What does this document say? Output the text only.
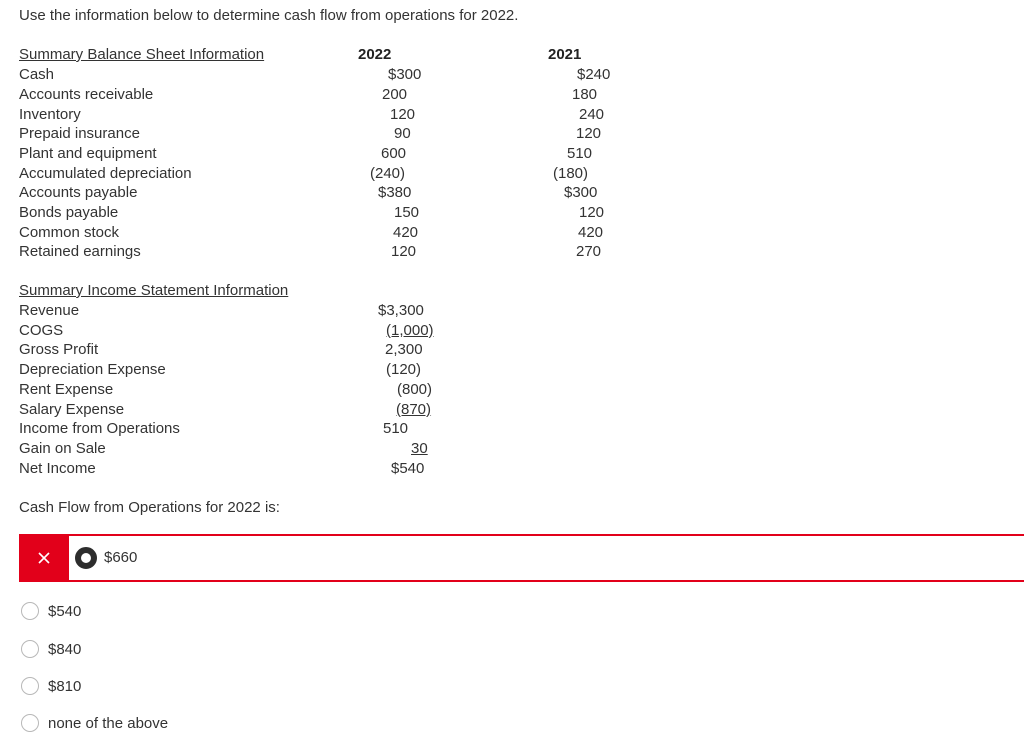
Use the information below to determine cash flow from operations for 2022.
Summary Balance Sheet Information	2022	2021
Cash	$300	$240
Accounts receivable	200	180
Inventory	120	240
Prepaid insurance	90	120
Plant and equipment	600	510
Accumulated depreciation	(240)	(180)
Accounts payable	$380	$300
Bonds payable	150	120
Common stock	420	420
Retained earnings	120	270
Summary Income Statement Information
Revenue	$3,300
COGS	(1,000)
Gross Profit	2,300
Depreciation Expense	(120)
Rent Expense	(800)
Salary Expense	(870)
Income from Operations	510
Gain on Sale	30
Net Income	$540
Cash Flow from Operations for 2022 is:
$660
$540
$840
$810
none of the above
